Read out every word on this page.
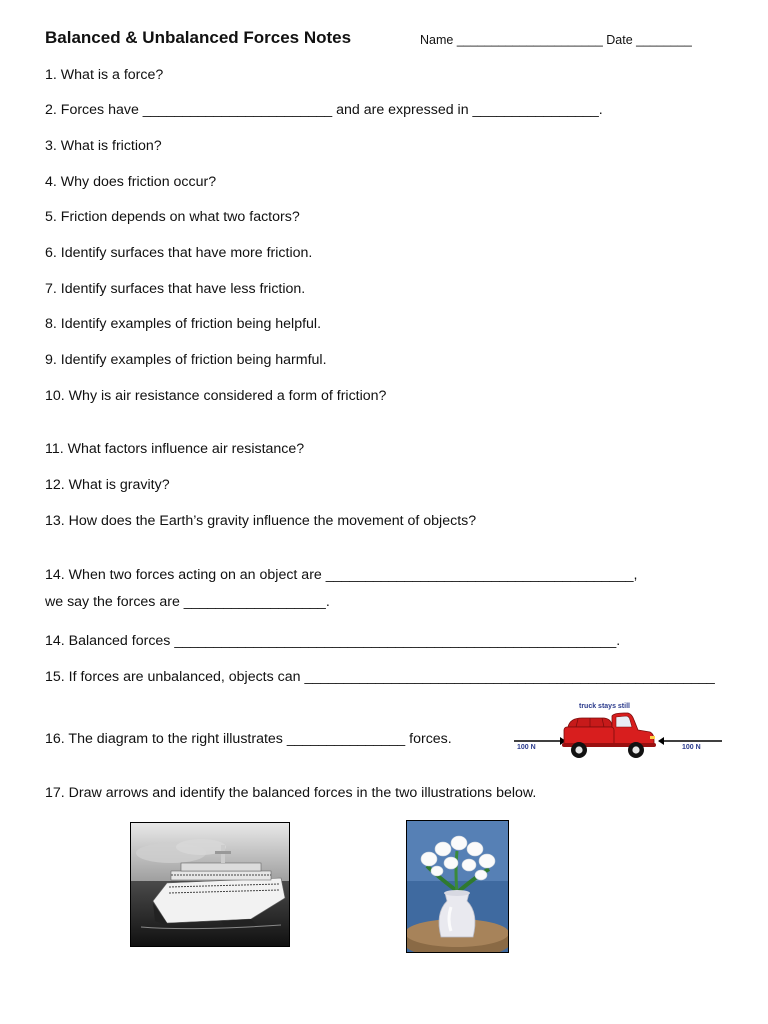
Balanced & Unbalanced Forces Notes	Name _____________________ Date ________
1. What is a force?
2. Forces have ________________________ and are expressed in ________________.
3. What is friction?
4. Why does friction occur?
5. Friction depends on what two factors?
6. Identify surfaces that have more friction.
7. Identify surfaces that have less friction.
8. Identify examples of friction being helpful.
9. Identify examples of friction being harmful.
10. Why is air resistance considered a form of friction?
11. What factors influence air resistance?
12. What is gravity?
13. How does the Earth’s gravity influence the movement of objects?
14. When two forces acting on an object are _______________________________________,
we say the forces are __________________.
14. Balanced forces ________________________________________________________.
15. If forces are unbalanced, objects can ____________________________________________________
16. The diagram to the right illustrates _______________ forces.
17. Draw arrows and identify the balanced forces in the two illustrations below.
truck stays still
100 N	100 N
